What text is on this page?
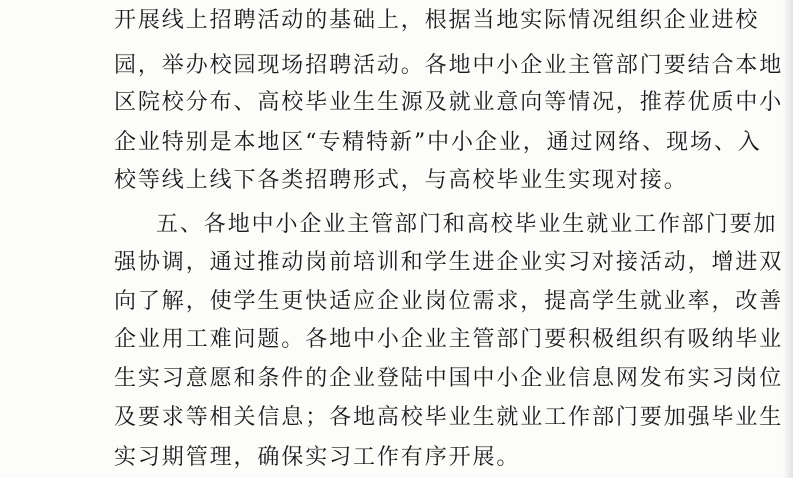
开展线上招聘活动的基础上，根据当地实际情况组织企业进校
园，举办校园现场招聘活动。各地中小企业主管部门要结合本地
区院校分布、高校毕业生生源及就业意向等情况，推荐优质中小
企业特别是本地区“专精特新”中小企业，通过网络、现场、入
校等线上线下各类招聘形式，与高校毕业生实现对接。
五、各地中小企业主管部门和高校毕业生就业工作部门要加
强协调，通过推动岗前培训和学生进企业实习对接活动，增进双
向了解，使学生更快适应企业岗位需求，提高学生就业率，改善
企业用工难问题。各地中小企业主管部门要积极组织有吸纳毕业
生实习意愿和条件的企业登陆中国中小企业信息网发布实习岗位
及要求等相关信息；各地高校毕业生就业工作部门要加强毕业生
实习期管理，确保实习工作有序开展。
